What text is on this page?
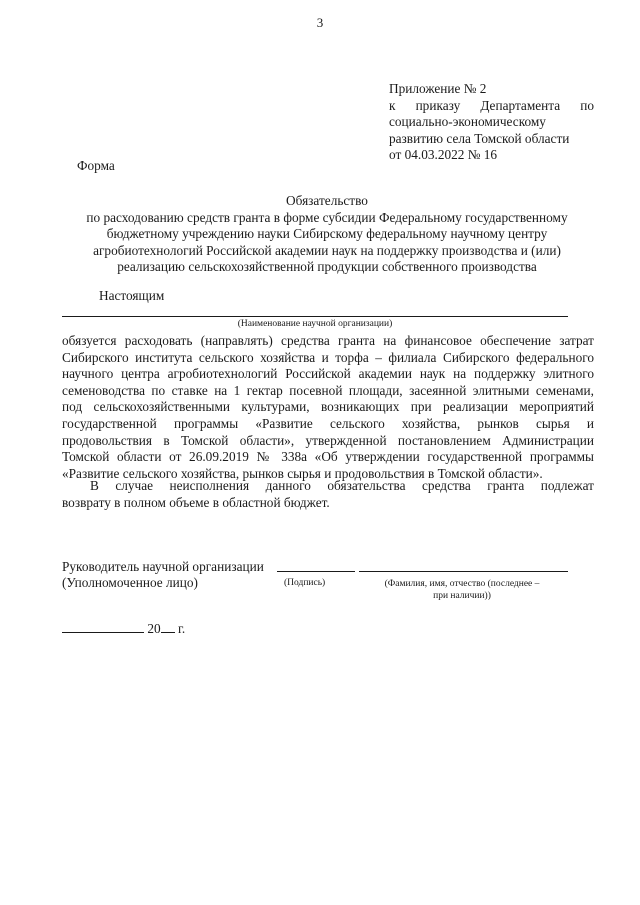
3
Приложение № 2
к приказу Департамента по
социально-экономическому
развитию села Томской области
от 04.03.2022 № 16
Форма
Обязательство
по расходованию средств гранта в форме субсидии Федеральному государственному
бюджетному учреждению науки Сибирскому федеральному научному центру
агробиотехнологий Российской академии наук на поддержку производства и (или)
реализацию сельскохозяйственной продукции собственного производства
Настоящим
(Наименование научной организации)
обязуется расходовать (направлять) средства гранта на финансовое обеспечение затрат
Сибирского института сельского хозяйства и торфа – филиала Сибирского федерального
научного центра агробиотехнологий Российской академии наук на поддержку элитного
семеноводства по ставке на 1 гектар посевной площади, засеянной элитными семенами,
под сельскохозяйственными культурами, возникающих при реализации мероприятий
государственной программы «Развитие сельского хозяйства, рынков сырья и
продовольствия в Томской области», утвержденной постановлением Администрации
Томской области от 26.09.2019 № 338а «Об утверждении государственной программы
«Развитие сельского хозяйства, рынков сырья и продовольствия в Томской области».
В случае неисполнения данного обязательства средства гранта подлежат
возврату в полном объеме в областной бюджет.
Руководитель научной организации
(Уполномоченное лицо)	(Подпись)	(Фамилия, имя, отчество (последнее –
при наличии))
20 г.
